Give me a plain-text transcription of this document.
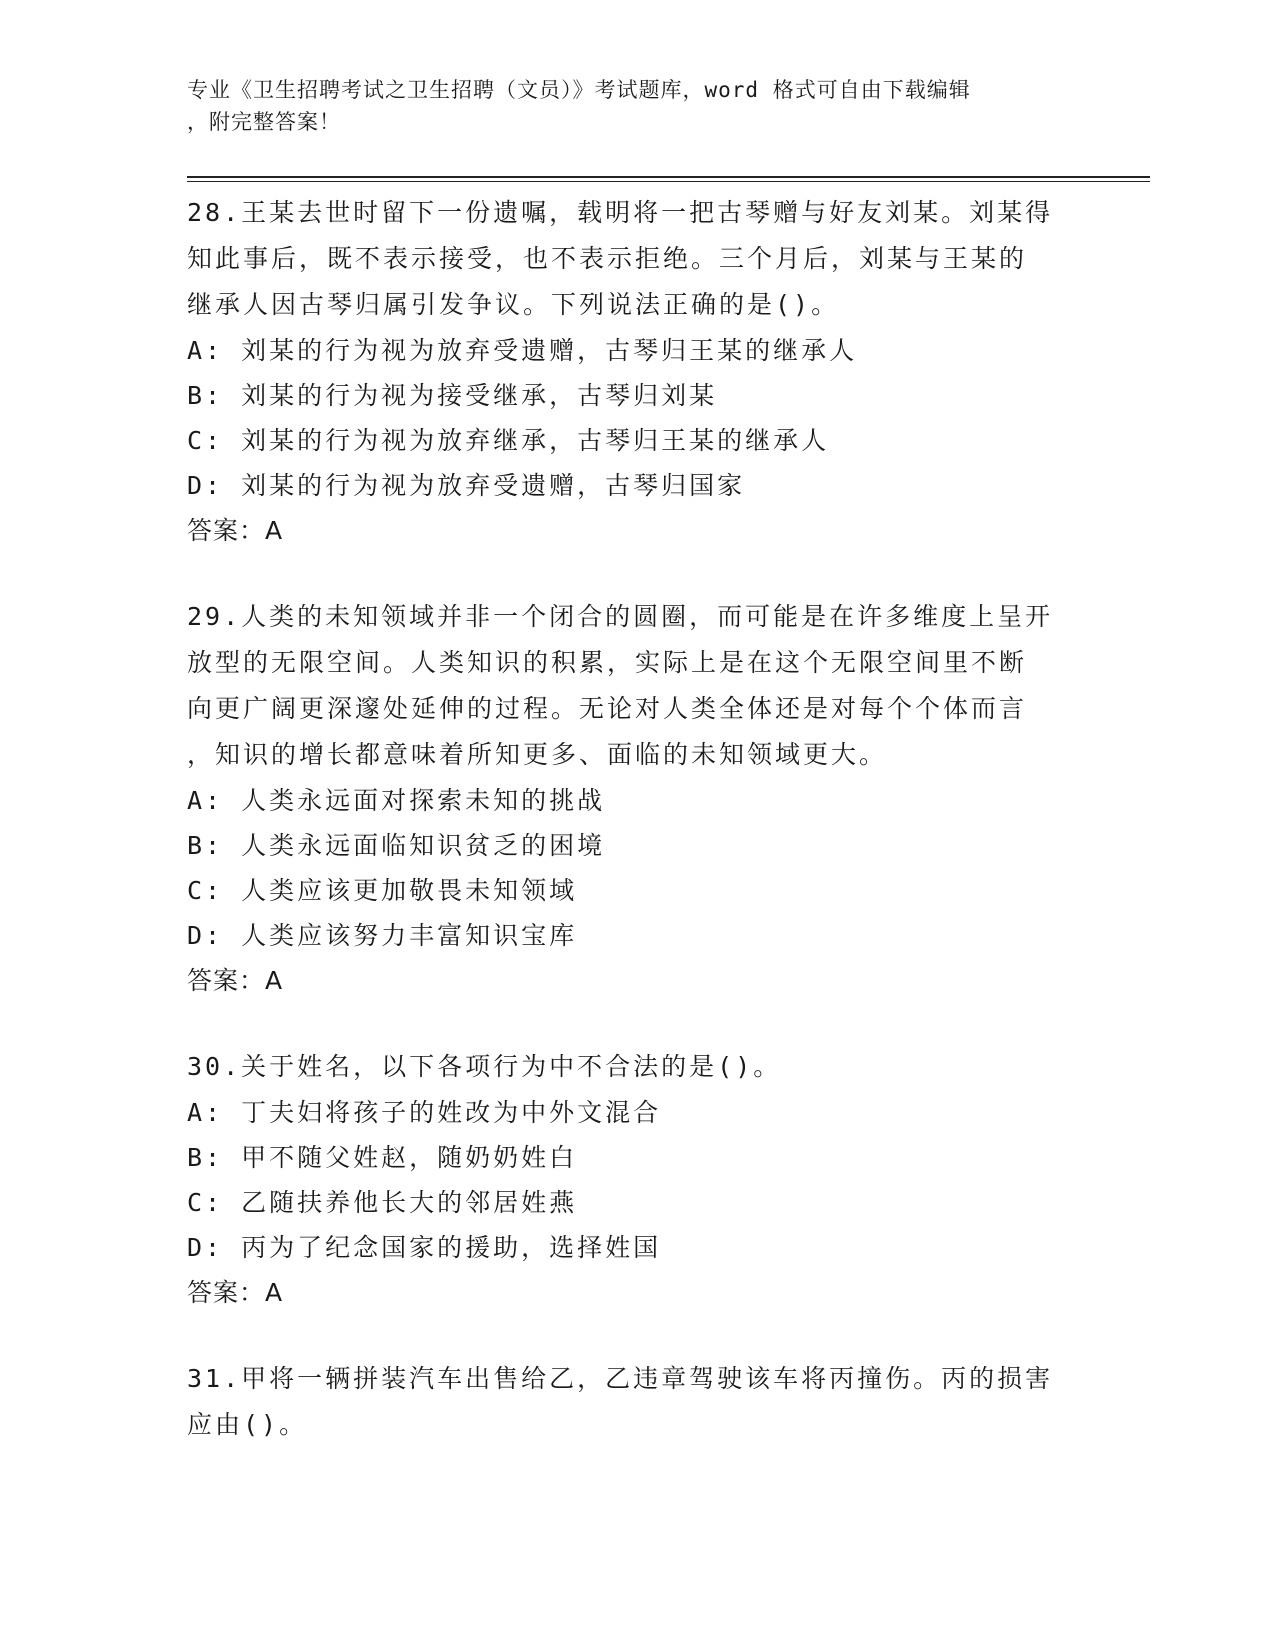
专业《卫生招聘考试之卫生招聘（文员）》考试题库，word 格式可自由下载编辑
，附完整答案！

28.王某去世时留下一份遗嘱，载明将一把古琴赠与好友刘某。刘某得

知此事后，既不表示接受，也不表示拒绝。三个月后，刘某与王某的

继承人因古琴归属引发争议。下列说法正确的是()。

A: 刘某的行为视为放弃受遗赠，古琴归王某的继承人

B: 刘某的行为视为接受继承，古琴归刘某

C: 刘某的行为视为放弃继承，古琴归王某的继承人

D: 刘某的行为视为放弃受遗赠，古琴归国家

答案：A

29.人类的未知领域并非一个闭合的圆圈，而可能是在许多维度上呈开

放型的无限空间。人类知识的积累，实际上是在这个无限空间里不断

向更广阔更深邃处延伸的过程。无论对人类全体还是对每个个体而言

，知识的增长都意味着所知更多、面临的未知领域更大。

A: 人类永远面对探索未知的挑战

B: 人类永远面临知识贫乏的困境

C: 人类应该更加敬畏未知领域

D: 人类应该努力丰富知识宝库

答案：A

30.关于姓名，以下各项行为中不合法的是()。

A: 丁夫妇将孩子的姓改为中外文混合

B: 甲不随父姓赵，随奶奶姓白

C: 乙随扶养他长大的邻居姓燕

D: 丙为了纪念国家的援助，选择姓国

答案：A

31.甲将一辆拼装汽车出售给乙，乙违章驾驶该车将丙撞伤。丙的损害

应由()。
